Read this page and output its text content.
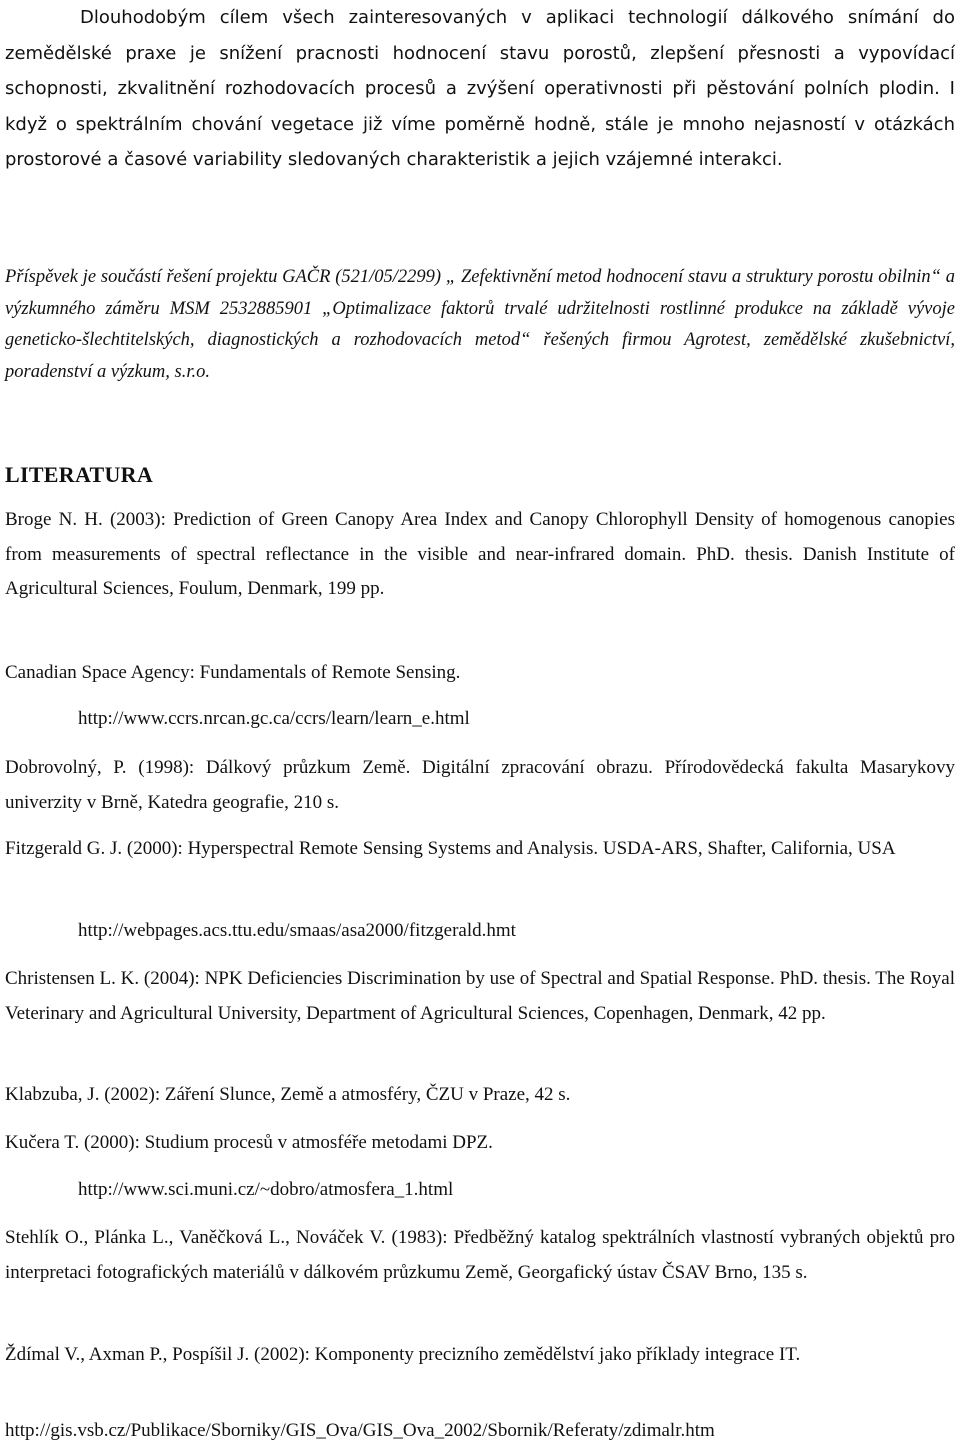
Dlouhodobým cílem všech zainteresovaných v aplikaci technologií dálkového snímání do zemědělské praxe je snížení pracnosti hodnocení stavu porostů, zlepšení přesnosti a vypovídací schopnosti, zkvalitnění rozhodovacích procesů a zvýšení operativnosti při pěstování polních plodin. I když o spektrálním chování vegetace již víme poměrně hodně, stále je mnoho nejasností v otázkách prostorové a časové variability sledovaných charakteristik a jejich vzájemné interakci.

Příspěvek je součástí řešení projektu GAČR (521/05/2299) „ Zefektivnění metod hodnocení stavu a struktury porostu obilnin“ a výzkumného záměru MSM 2532885901 „Optimalizace faktorů trvalé udržitelnosti rostlinné produkce na základě vývoje geneticko-šlechtitelských, diagnostických a rozhodovacích metod“ řešených firmou Agrotest, zemědělské zkušebnictví, poradenství a výzkum, s.r.o.

LITERATURA

Broge N. H. (2003): Prediction of Green Canopy Area Index and Canopy Chlorophyll Density of homogenous canopies from measurements of spectral reflectance in the visible and near-infrared domain. PhD. thesis. Danish Institute of Agricultural Sciences, Foulum, Denmark, 199 pp.

Canadian Space Agency: Fundamentals of Remote Sensing.

http://www.ccrs.nrcan.gc.ca/ccrs/learn/learn_e.html

Dobrovolný, P. (1998): Dálkový průzkum Země. Digitální zpracování obrazu. Přírodovědecká fakulta Masarykovy univerzity v Brně, Katedra geografie, 210 s.

Fitzgerald G. J. (2000): Hyperspectral Remote Sensing Systems and Analysis. USDA-ARS, Shafter, California, USA

http://webpages.acs.ttu.edu/smaas/asa2000/fitzgerald.hmt

Christensen L. K. (2004): NPK Deficiencies Discrimination by use of Spectral and Spatial Response. PhD. thesis. The Royal Veterinary and Agricultural University, Department of Agricultural Sciences, Copenhagen, Denmark, 42 pp.

Klabzuba, J. (2002): Záření Slunce, Země a atmosféry, ČZU v Praze, 42 s.

Kučera T. (2000): Studium procesů v atmosféře metodami DPZ.

http://www.sci.muni.cz/~dobro/atmosfera_1.html

Stehlík O., Plánka L., Vaněčková L., Nováček V. (1983): Předběžný katalog spektrálních vlastností vybraných objektů pro interpretaci fotografických materiálů v dálkovém průzkumu Země, Georgafický ústav ČSAV Brno, 135 s.

Ždímal V., Axman P., Pospíšil J. (2002): Komponenty precizního zemědělství jako příklady integrace IT.

http://gis.vsb.cz/Publikace/Sborniky/GIS_Ova/GIS_Ova_2002/Sbornik/Referaty/zdimalr.htm
